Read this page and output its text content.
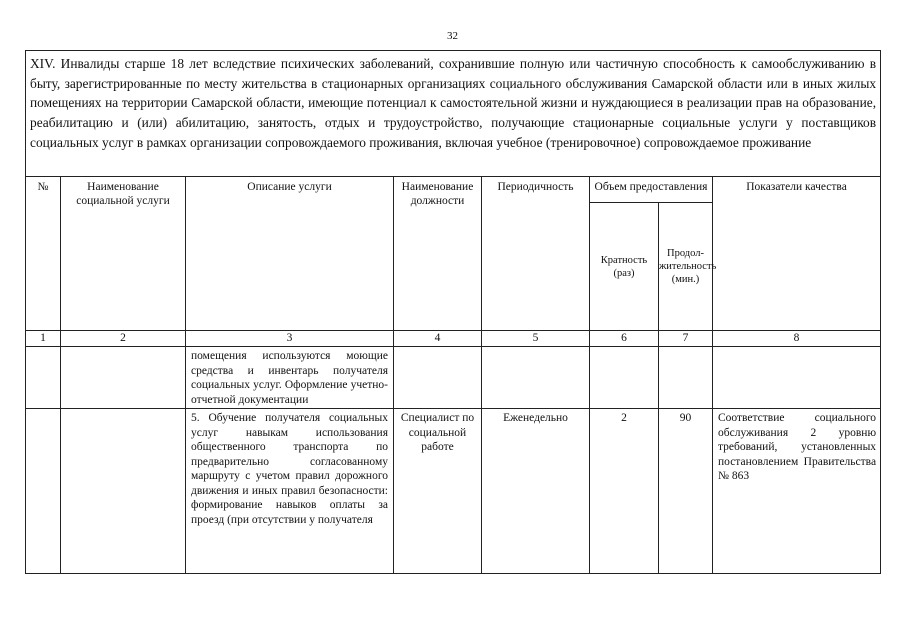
32
XIV. Инвалиды старше 18 лет вследствие психических заболеваний, сохранившие полную или частичную способность к самообслуживанию в быту, зарегистрированные по месту жительства в стационарных организациях социального обслуживания Самарской области или в иных жилых помещениях на территории Самарской области, имеющие потенциал к самостоятельной жизни и нуждающиеся в реализации прав на образование, реабилитацию и (или) абилитацию, занятость, отдых и трудоустройство, получающие стационарные социальные услуги у поставщиков социальных услуг в рамках организации сопровождаемого проживания, включая учебное (тренировочное) сопровождаемое проживание							
№	Наименование социальной услуги	Описание услуги	Наименование должности	Периодичность	Объем предоставления		Показатели качества
					Кратность (раз)	Продол-жительность (мин.)	
1	2	3	4	5	6	7	8
		помещения используются моющие средства и инвентарь получателя социальных услуг. Оформление учетно-отчетной документации					
		5. Обучение получателя социальных услуг навыкам использования общественного транспорта по предварительно согласованному маршруту с учетом правил дорожного движения и иных правил безопасности: формирование навыков оплаты за проезд (при отсутствии у получателя	Специалист по социальной работе	Еженедельно	2	90	Соответствие социального обслуживания 2 уровню требований, установленных постановлением Правительства № 863
